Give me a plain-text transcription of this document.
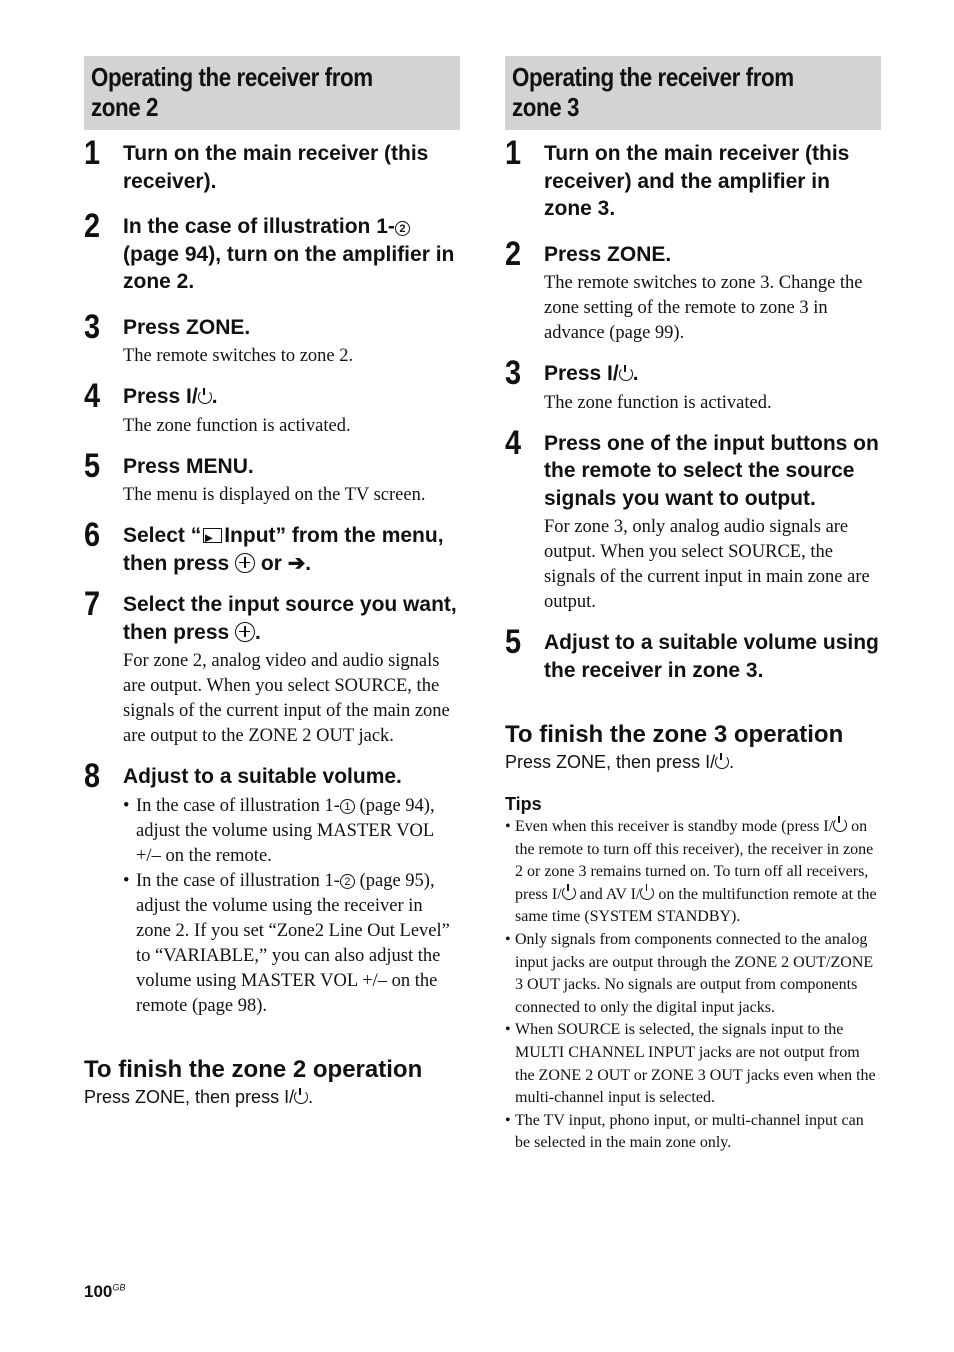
Operating the receiver from
zone 2
1 Turn on the main receiver (this receiver).
2 In the case of illustration 1- 2 (page 94), turn on the amplifier in zone 2.
3 Press ZONE.
The remote switches to zone 2.
4 Press I/ .
The zone function is activated.
5 Press MENU.
The menu is displayed on the TV screen.
6 Select “▸ Input” from the menu, then press  or ➔.
7 Select the input source you want, then press .
For zone 2, analog video and audio signals are output. When you select SOURCE, the signals of the current input of the main zone are output to the ZONE 2 OUT jack.
8 Adjust to a suitable volume.
• In the case of illustration 1- 1 (page 94), adjust the volume using MASTER VOL +/– on the remote.
• In the case of illustration 1- 2 (page 95), adjust the volume using the receiver in zone 2. If you set “Zone2 Line Out Level” to “VARIABLE,” you can also adjust the volume using MASTER VOL +/– on the remote (page 98).
To finish the zone 2 operation
Press ZONE, then press I/ .
Operating the receiver from
zone 3
1 Turn on the main receiver (this receiver) and the amplifier in zone 3.
2 Press ZONE.
The remote switches to zone 3. Change the zone setting of the remote to zone 3 in advance (page 99).
3 Press I/ .
The zone function is activated.
4 Press one of the input buttons on the remote to select the source signals you want to output.
For zone 3, only analog audio signals are output. When you select SOURCE, the signals of the current input in main zone are output.
5 Adjust to a suitable volume using the receiver in zone 3.
To finish the zone 3 operation
Press ZONE, then press I/ .
Tips
• Even when this receiver is standby mode (press I/ on the remote to turn off this receiver), the receiver in zone 2 or zone 3 remains turned on. To turn off all receivers, press I/ and AV I/ on the multifunction remote at the same time (SYSTEM STANDBY).
• Only signals from components connected to the analog input jacks are output through the ZONE 2 OUT/ZONE 3 OUT jacks. No signals are output from components connected to only the digital input jacks.
• When SOURCE is selected, the signals input to the MULTI CHANNEL INPUT jacks are not output from the ZONE 2 OUT or ZONE 3 OUT jacks even when the multi-channel input is selected.
• The TV input, phono input, or multi-channel input can be selected in the main zone only.
$100^{GB}$
